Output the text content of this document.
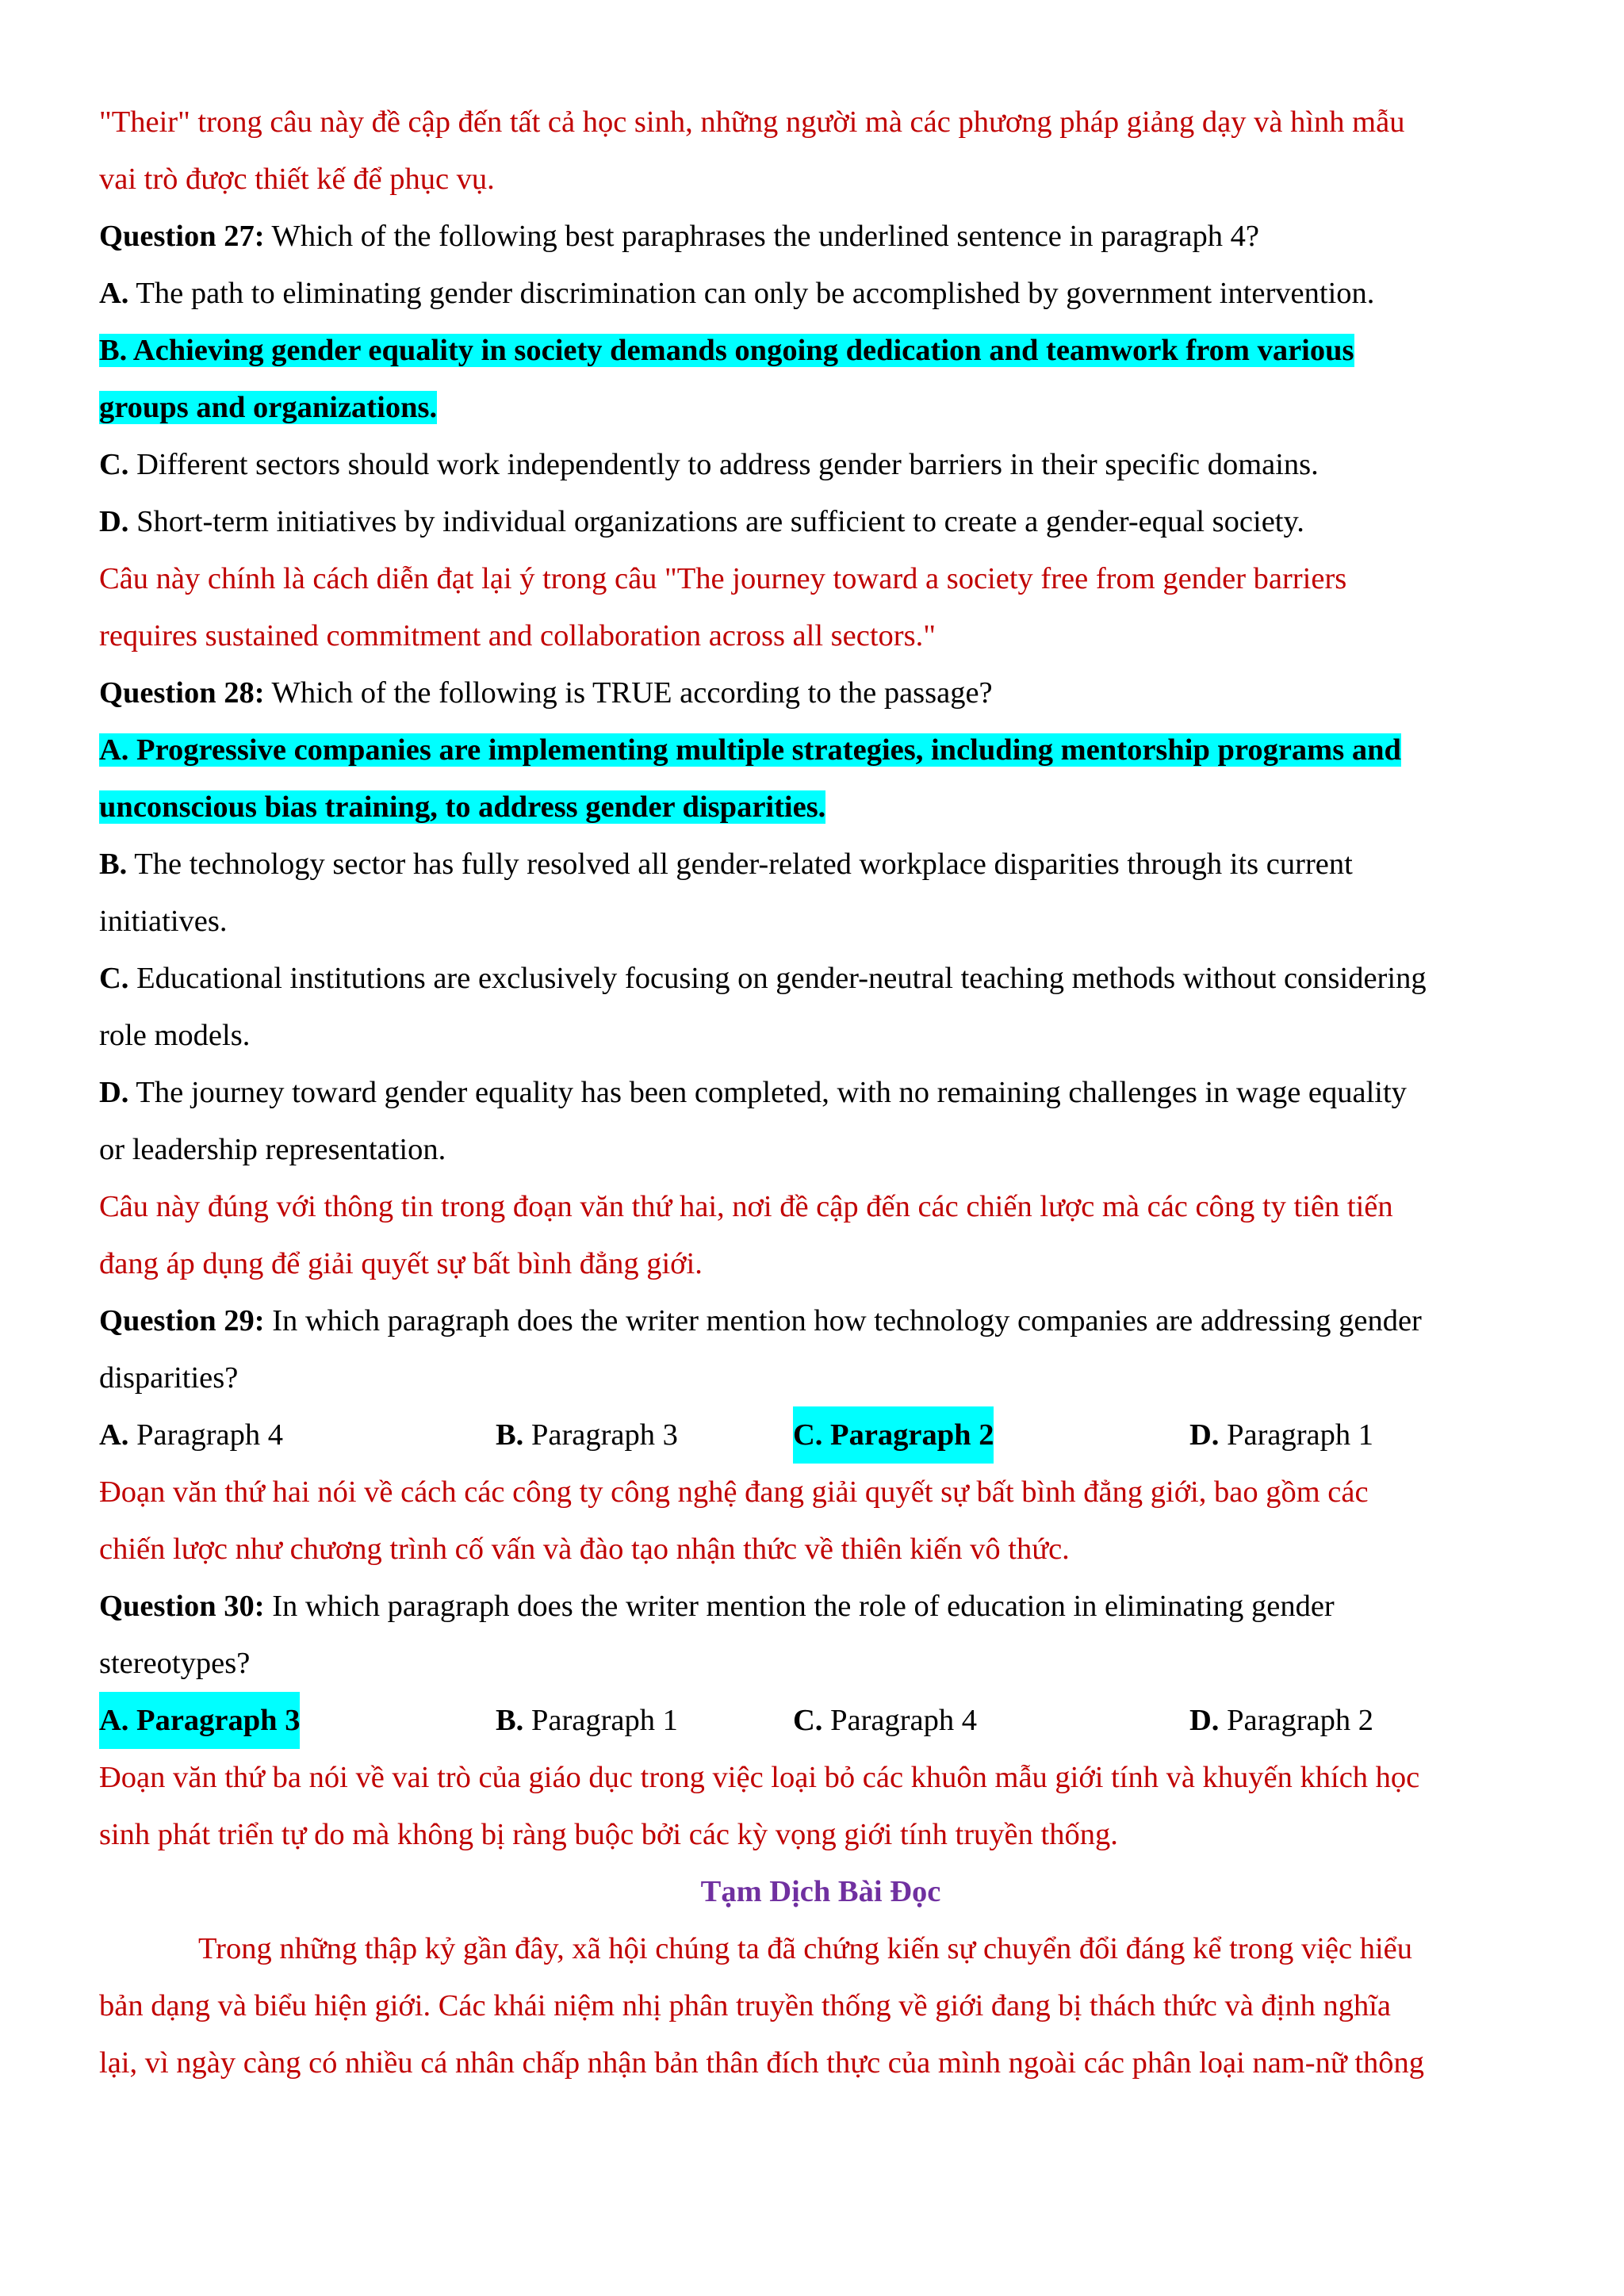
"Their" trong câu này đề cập đến tất cả học sinh, những người mà các phương pháp giảng dạy và hình mẫu
vai trò được thiết kế để phục vụ.
Question 27: Which of the following best paraphrases the underlined sentence in paragraph 4?
A. The path to eliminating gender discrimination can only be accomplished by government intervention.
B. Achieving gender equality in society demands ongoing dedication and teamwork from various
groups and organizations.
C. Different sectors should work independently to address gender barriers in their specific domains.
D. Short-term initiatives by individual organizations are sufficient to create a gender-equal society.
Câu này chính là cách diễn đạt lại ý trong câu "The journey toward a society free from gender barriers
requires sustained commitment and collaboration across all sectors."
Question 28: Which of the following is TRUE according to the passage?
A. Progressive companies are implementing multiple strategies, including mentorship programs and
unconscious bias training, to address gender disparities.
B. The technology sector has fully resolved all gender-related workplace disparities through its current
initiatives.
C. Educational institutions are exclusively focusing on gender-neutral teaching methods without considering
role models.
D. The journey toward gender equality has been completed, with no remaining challenges in wage equality
or leadership representation.
Câu này đúng với thông tin trong đoạn văn thứ hai, nơi đề cập đến các chiến lược mà các công ty tiên tiến
đang áp dụng để giải quyết sự bất bình đẳng giới.
Question 29: In which paragraph does the writer mention how technology companies are addressing gender
disparities?
A. Paragraph 4	B. Paragraph 3	C. Paragraph 2	D. Paragraph 1
Đoạn văn thứ hai nói về cách các công ty công nghệ đang giải quyết sự bất bình đẳng giới, bao gồm các
chiến lược như chương trình cố vấn và đào tạo nhận thức về thiên kiến vô thức.
Question 30: In which paragraph does the writer mention the role of education in eliminating gender
stereotypes?
A. Paragraph 3	B. Paragraph 1	C. Paragraph 4	D. Paragraph 2
Đoạn văn thứ ba nói về vai trò của giáo dục trong việc loại bỏ các khuôn mẫu giới tính và khuyến khích học
sinh phát triển tự do mà không bị ràng buộc bởi các kỳ vọng giới tính truyền thống.
Tạm Dịch Bài Đọc
Trong những thập kỷ gần đây, xã hội chúng ta đã chứng kiến sự chuyển đổi đáng kể trong việc hiểu
bản dạng và biểu hiện giới. Các khái niệm nhị phân truyền thống về giới đang bị thách thức và định nghĩa
lại, vì ngày càng có nhiều cá nhân chấp nhận bản thân đích thực của mình ngoài các phân loại nam-nữ thông
